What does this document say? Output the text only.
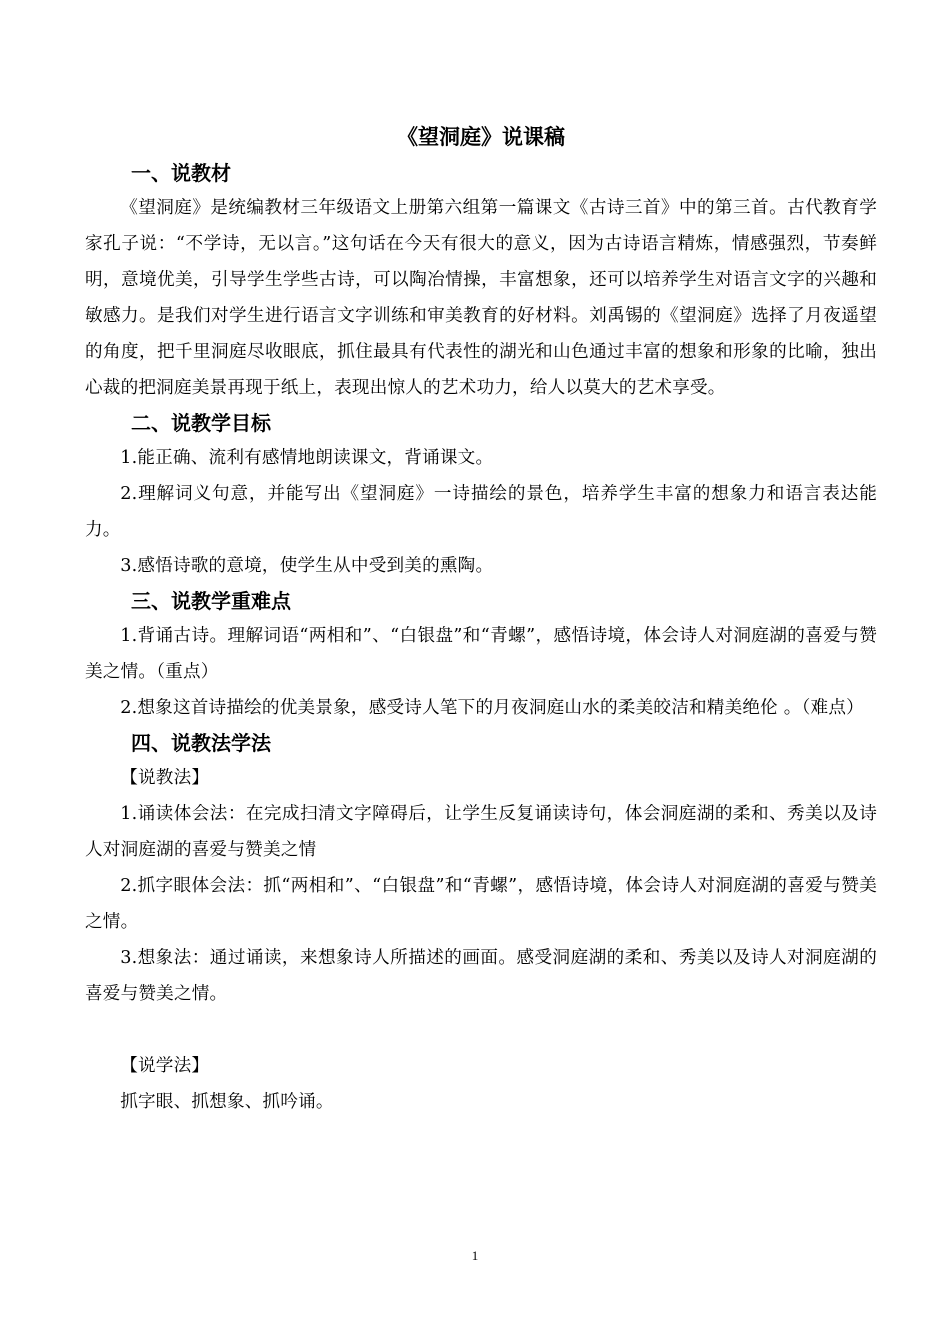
《望洞庭》说课稿
一、说教材

《望洞庭》是统编教材三年级语文上册第六组第一篇课文《古诗三首》中的第三首。古代教育学家孔子说：“不学诗，无以言。”这句话在今天有很大的意义，因为古诗语言精炼，情感强烈，节奏鲜明，意境优美，引导学生学些古诗，可以陶冶情操，丰富想象，还可以培养学生对语言文字的兴趣和敏感力。是我们对学生进行语言文字训练和审美教育的好材料。刘禹锡的《望洞庭》选择了月夜遥望的角度，把千里洞庭尽收眼底，抓住最具有代表性的湖光和山色通过丰富的想象和形象的比喻，独出心裁的把洞庭美景再现于纸上，表现出惊人的艺术功力，给人以莫大的艺术享受。

二、说教学目标

1.能正确、流利有感情地朗读课文，背诵课文。

2.理解词义句意，并能写出《望洞庭》一诗描绘的景色，培养学生丰富的想象力和语言表达能力。

3.感悟诗歌的意境，使学生从中受到美的熏陶。

三、说教学重难点

1.背诵古诗。理解词语“两相和”、“白银盘”和“青螺”，感悟诗境，体会诗人对洞庭湖的喜爱与赞美之情。（重点）

2.想象这首诗描绘的优美景象，感受诗人笔下的月夜洞庭山水的柔美皎洁和精美绝伦 。（难点）

四、说教法学法

【说教法】

1.诵读体会法：在完成扫清文字障碍后，让学生反复诵读诗句，体会洞庭湖的柔和、秀美以及诗人对洞庭湖的喜爱与赞美之情

2.抓字眼体会法：抓“两相和”、“白银盘”和“青螺”，感悟诗境，体会诗人对洞庭湖的喜爱与赞美之情。

3.想象法：通过诵读，来想象诗人所描述的画面。感受洞庭湖的柔和、秀美以及诗人对洞庭湖的喜爱与赞美之情。

【说学法】

抓字眼、抓想象、抓吟诵。

1
